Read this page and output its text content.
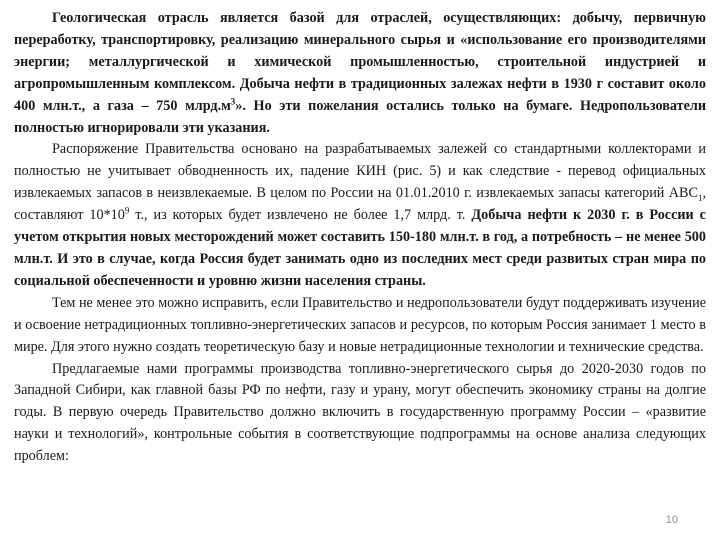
Геологическая отрасль является базой для отраслей, осуществляющих: добычу, первичную переработку, транспортировку, реализацию минерального сырья и «использование его производителями энергии; металлургической и химической промышленностью, строительной индустрией и агропромышленным комплексом. Добыча нефти в традиционных залежах нефти в 1930 г составит около 400 млн.т., а газа – 750 $млрд.м^3$». Но эти пожелания остались только на бумаге. Недропользователи полностью игнорировали эти указания.

Распоряжение Правительства основано на разрабатываемых залежей со стандартными коллекторами и полностью не учитывает обводненность их, падение КИН (рис. 5) и как следствие - перевод официальных извлекаемых запасов в неизвлекаемые. В целом по России на 01.01.2010 г. извлекаемых запасы категорий $АВС_1$, составляют $10*10^9$ т., из которых будет извлечено не более 1,7 млрд. т. Добыча нефти к 2030 г. в России с учетом открытия новых месторождений может составить 150-180 млн.т. в год, а потребность – не менее 500 млн.т. И это в случае, когда Россия будет занимать одно из последних мест среди развитых стран мира по социальной обеспеченности и уровню жизни населения страны.

Тем не менее это можно исправить, если Правительство и недропользователи будут поддерживать изучение и освоение нетрадиционных топливно-энергетических запасов и ресурсов, по которым Россия занимает 1 место в мире. Для этого нужно создать теоретическую базу и новые нетрадиционные технологии и технические средства.

Предлагаемые нами программы производства топливно-энергетического сырья до 2020-2030 годов по Западной Сибири, как главной базы РФ по нефти, газу и урану, могут обеспечить экономику страны на долгие годы. В первую очередь Правительство должно включить в государственную программу России – «развитие науки и технологий», контрольные события в соответствующие подпрограммы на основе анализа следующих проблем:

10
